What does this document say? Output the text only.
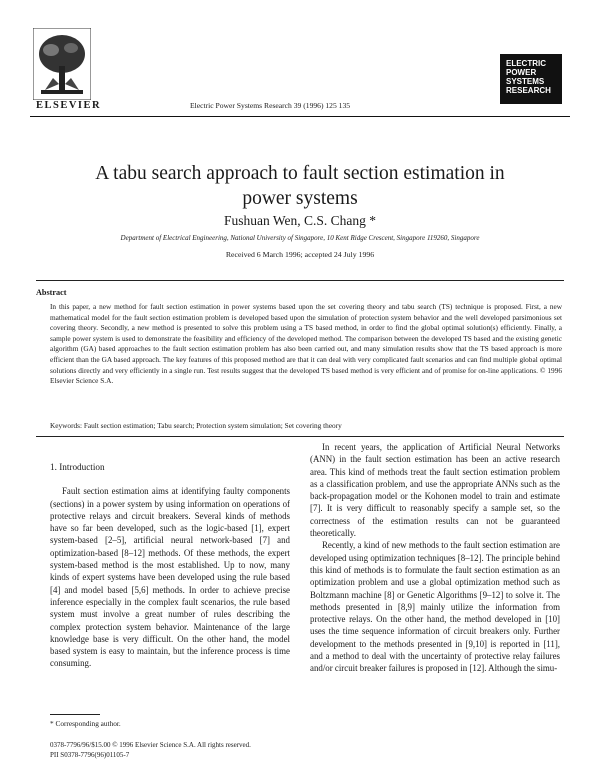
ELSEVIER	Electric Power Systems Research 39 (1996) 125 135
ELECTRIC
POWER
SYSTEMS
RESEARCH
A tabu search approach to fault section estimation in
power systems
Fushuan Wen, C.S. Chang *
Department of Electrical Engineering, National University of Singapore, 10 Kent Ridge Crescent, Singapore 119260, Singapore
Received 6 March 1996; accepted 24 July 1996
Abstract
In this paper, a new method for fault section estimation in power systems based upon the set covering theory and tabu search (TS) technique is proposed. First, a new mathematical model for the fault section estimation problem is developed based upon the simulation of protection system behavior and the well developed parsimonious set covering theory. Secondly, a new method is presented to solve this problem using a TS based method, in order to find the global optimal solution(s) efficiently. Finally, a sample power system is used to demonstrate the feasibility and efficiency of the developed method. The comparison between the developed TS based and the existing genetic algorithm (GA) based approaches to the fault section estimation problem has also been carried out, and many simulation results show that the TS based approach is more efficient than the GA based approach. The key features of this proposed method are that it can deal with very complicated fault scenarios and can find multiple global optimal solutions directly and very efficiently in a single run. Test results suggest that the developed TS based method is very efficient and of promise for on-line applications. © 1996 Elsevier Science S.A.
Keywords: Fault section estimation; Tabu search; Protection system simulation; Set covering theory
1. Introduction

Fault section estimation aims at identifying faulty components (sections) in a power system by using information on operations of protective relays and circuit breakers. Several kinds of methods have so far been developed, such as the logic-based [1], expert system-based [2–5], artificial neural network-based [7] and optimization-based [8–12] methods. Of these methods, the expert system-based method is the most established. Up to now, many kinds of expert systems have been developed using the rule based [4] and model based [5,6] methods. In order to achieve precise inference especially in the complex fault scenarios, the rule based system must involve a great number of rules describing the complex protection system behavior. Maintenance of the large knowledge base is very difficult. On the other hand, the model based system is easy to maintain, but the inference process is time consuming.

In recent years, the application of Artificial Neural Networks (ANN) in the fault section estimation has been an active research area. This kind of methods treat the fault section estimation problem as a classification problem, and use the appropriate ANNs such as the back-propagation model or the Kohonen model to train and estimate [7]. It is very difficult to reasonably specify a sample set, so the correctness of the estimation results can not be guaranteed theoretically.

Recently, a kind of new methods to the fault section estimation are developed using optimization techniques [8–12]. The principle behind this kind of methods is to formulate the fault section estimation as an optimization problem and use a global optimization method such as Boltzmann machine [8] or Genetic Algorithms [9–12] to solve it. The methods presented in [8,9] mainly utilize the information from protective relays. On the other hand, the method developed in [10] uses the time sequence information of circuit breakers only. Further development to the methods presented in [9,10] is reported in [11], and a method to deal with the uncertainty of protective relay failures and/or circuit breaker failures is proposed in [12]. Although the simu-

* Corresponding author.
0378-7796/96/$15.00 © 1996 Elsevier Science S.A. All rights reserved.
PII S0378-7796(96)01105-7
